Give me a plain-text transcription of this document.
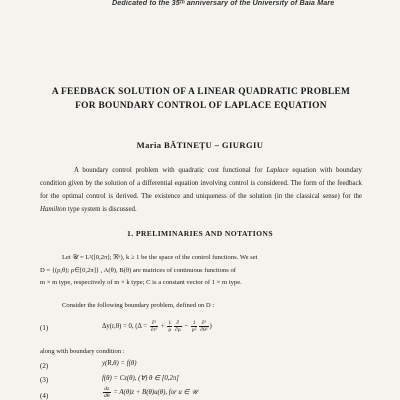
Dedicated to the 35ᵗʰ anniversary of the University of Baia Mare
A FEEDBACK SOLUTION OF A LINEAR QUADRATIC PROBLEM
FOR BOUNDARY CONTROL OF LAPLACE EQUATION
Maria BĂTINEȚU – GIURGIU
A boundary control problem with quadratic cost functional for Laplace equation with boundary condition given by the solution of a differential equation involving control is considered. The form of the feedback for the optimal control is derived. The existence and uniqueness of the solution (in the classical sense) for the Hamilton type system is discussed.
1. PRELIMINARIES AND NOTATIONS
Let 𝒰 = L²([0,2π]; ℜᵏ), k ≥ 1 be the space of the control functions. We set
D = {(ρ,θ); ρ∈[0,2π]} , A(θ), B(θ) are matrices of continuous functions of
m × m type, respectively of m × k type; C is a constant vector of 1 × m type.
Consider the following boundary problem, defined on D :
(1)	Δy(r,θ) = 0, ($\Delta = \frac{\text{∂²}}{\text{∂r²}} + \frac{1}{\rho} \frac{\partial}{\partial\rho} - \frac{1}{\text{ρ²}} \frac{\text{∂²}}{\text{∂θ²}}$ )
along with boundary condition :
(2)	y(R,θ) = f(θ)
(3)	f(θ) = Cz(θ), (∀) θ ∈ [0,2π]
(4)	$\frac{dz}{d\theta} = A(\theta)z + B(\theta)u(\theta)$, for u ∈ 𝒰
